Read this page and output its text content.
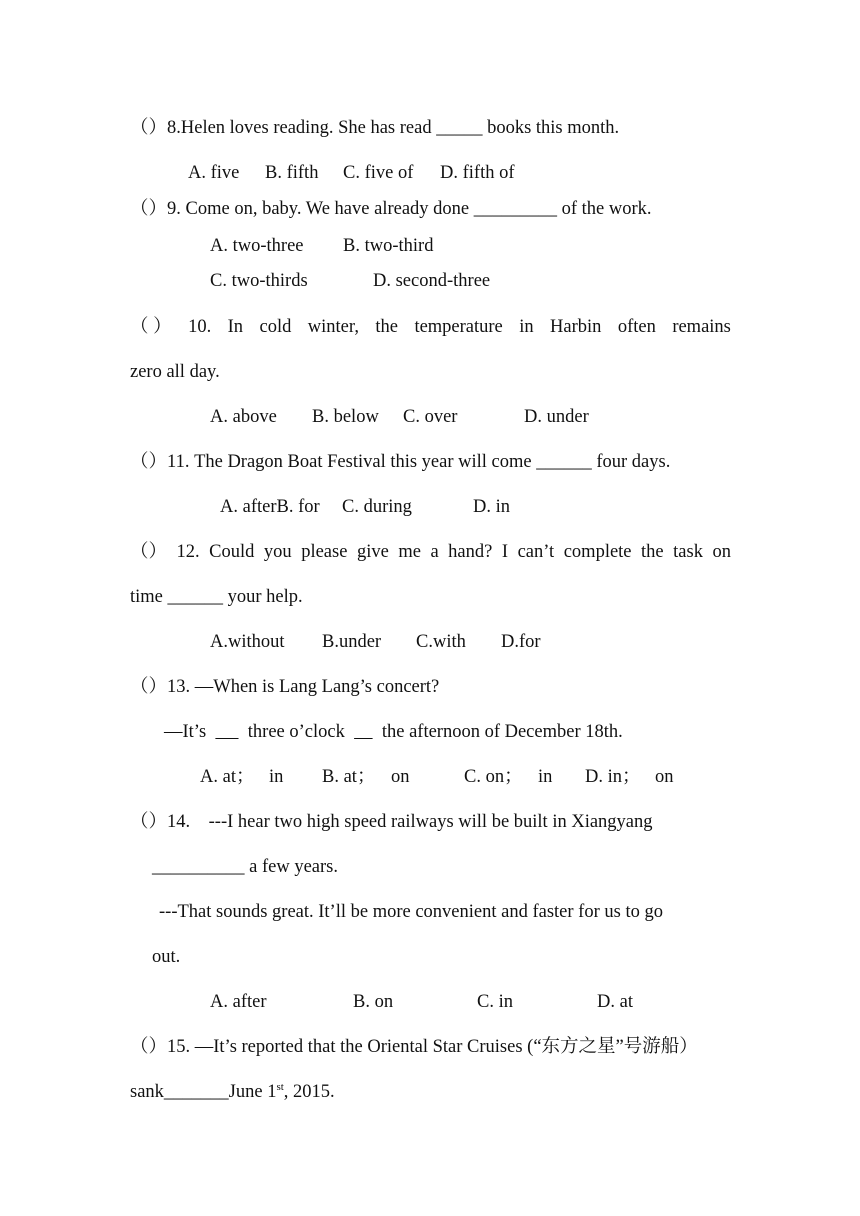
（）8.Helen loves reading. She has read _____ books this month.
A. five B. fifth C. five of D. fifth of
（）9. Come on, baby. We have already done _________ of the work.
A. two-three B. two-third
C. two-thirds	D. second-three
（ ） 10. In cold winter, the temperature in Harbin often remains
zero all day.
A. above B. below C. over	D. under
（）11. The Dragon Boat Festival this year will come ______ four days.
A. afterB. for C. during	D. in
（） 12. Could you please give me a hand? I can’t complete the task on
time ______ your help.
A.without B.under C.with D.for
（）13. —When is Lang Lang’s concert?
—It’s three o’clock the afternoon of December 18th.
A. at； in B. at； on	C. on； in D. in； on
（）14.    ---I hear two high speed railways will be built in Xiangyang
__________ a few years.
---That sounds great. It’ll be more convenient and faster for us to go
out.
A. after	B. on	C. in	D. at
（）15. —It’s reported that the Oriental Star Cruises (“东方之星”号游船）
sank_______June 1st, 2015.
